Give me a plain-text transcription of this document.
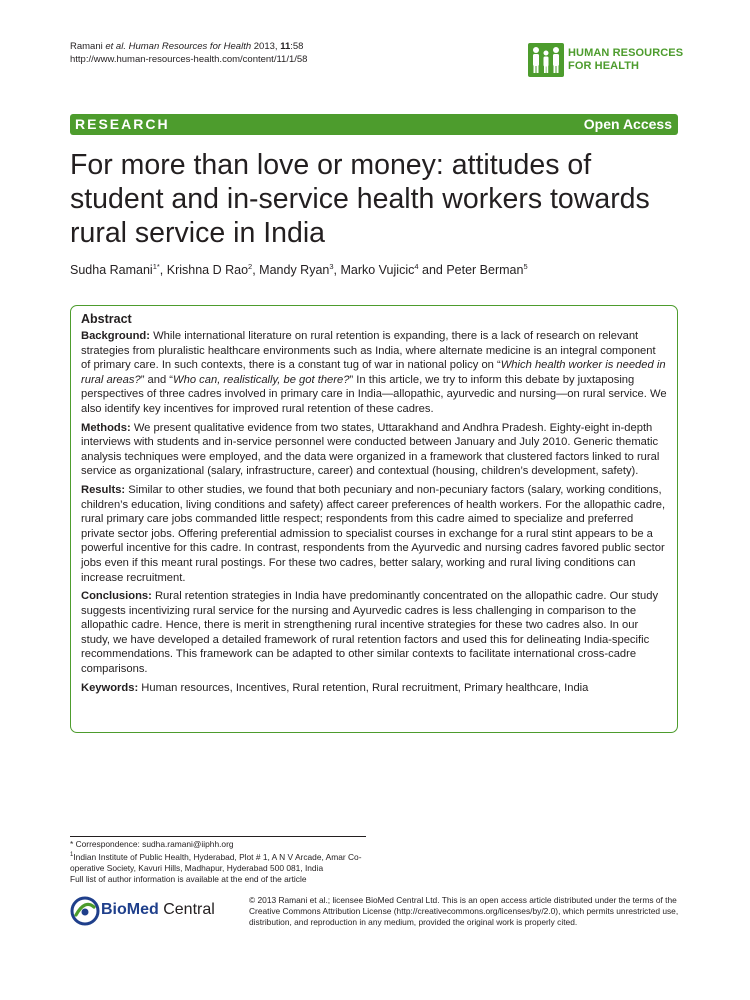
Ramani et al. Human Resources for Health 2013, 11:58
http://www.human-resources-health.com/content/11/1/58
HUMAN RESOURCES
FOR HEALTH
RESEARCH	Open Access
For more than love or money: attitudes of student and in-service health workers towards rural service in India
Sudha Ramani$^{1*}$, Krishna D Rao$^2$, Mandy Ryan$^3$, Marko Vujicic$^4$ and Peter Berman$^5$
Abstract

Background: While international literature on rural retention is expanding, there is a lack of research on relevant strategies from pluralistic healthcare environments such as India, where alternate medicine is an integral component of primary care. In such contexts, there is a constant tug of war in national policy on “Which health worker is needed in rural areas?” and “Who can, realistically, be got there?” In this article, we try to inform this debate by juxtaposing perspectives of three cadres involved in primary care in India—allopathic, ayurvedic and nursing—on rural service. We also identify key incentives for improved rural retention of these cadres.

Methods: We present qualitative evidence from two states, Uttarakhand and Andhra Pradesh. Eighty-eight in-depth interviews with students and in-service personnel were conducted between January and July 2010. Generic thematic analysis techniques were employed, and the data were organized in a framework that clustered factors linked to rural service as organizational (salary, infrastructure, career) and contextual (housing, children’s development, safety).

Results: Similar to other studies, we found that both pecuniary and non-pecuniary factors (salary, working conditions, children’s education, living conditions and safety) affect career preferences of health workers. For the allopathic cadre, rural primary care jobs commanded little respect; respondents from this cadre aimed to specialize and preferred private sector jobs. Offering preferential admission to specialist courses in exchange for a rural stint appears to be a powerful incentive for this cadre. In contrast, respondents from the Ayurvedic and nursing cadres favored public sector jobs even if this meant rural postings. For these two cadres, better salary, working and rural living conditions can increase recruitment.

Conclusions: Rural retention strategies in India have predominantly concentrated on the allopathic cadre. Our study suggests incentivizing rural service for the nursing and Ayurvedic cadres is less challenging in comparison to the allopathic cadre. Hence, there is merit in strengthening rural incentive strategies for these two cadres also. In our study, we have developed a detailed framework of rural retention factors and used this for delineating India-specific recommendations. This framework can be adapted to other similar contexts to facilitate international cross-cadre comparisons.

Keywords: Human resources, Incentives, Rural retention, Rural recruitment, Primary healthcare, India

* Correspondence: sudha.ramani@iiphh.org
$^1$Indian Institute of Public Health, Hyderabad, Plot # 1, A N V Arcade, Amar Co-operative Society, Kavuri Hills, Madhapur, Hyderabad 500 081, India
Full list of author information is available at the end of the article
BioMed Central
© 2013 Ramani et al.; licensee BioMed Central Ltd. This is an open access article distributed under the terms of the Creative Commons Attribution License (http://creativecommons.org/licenses/by/2.0), which permits unrestricted use, distribution, and reproduction in any medium, provided the original work is properly cited.
